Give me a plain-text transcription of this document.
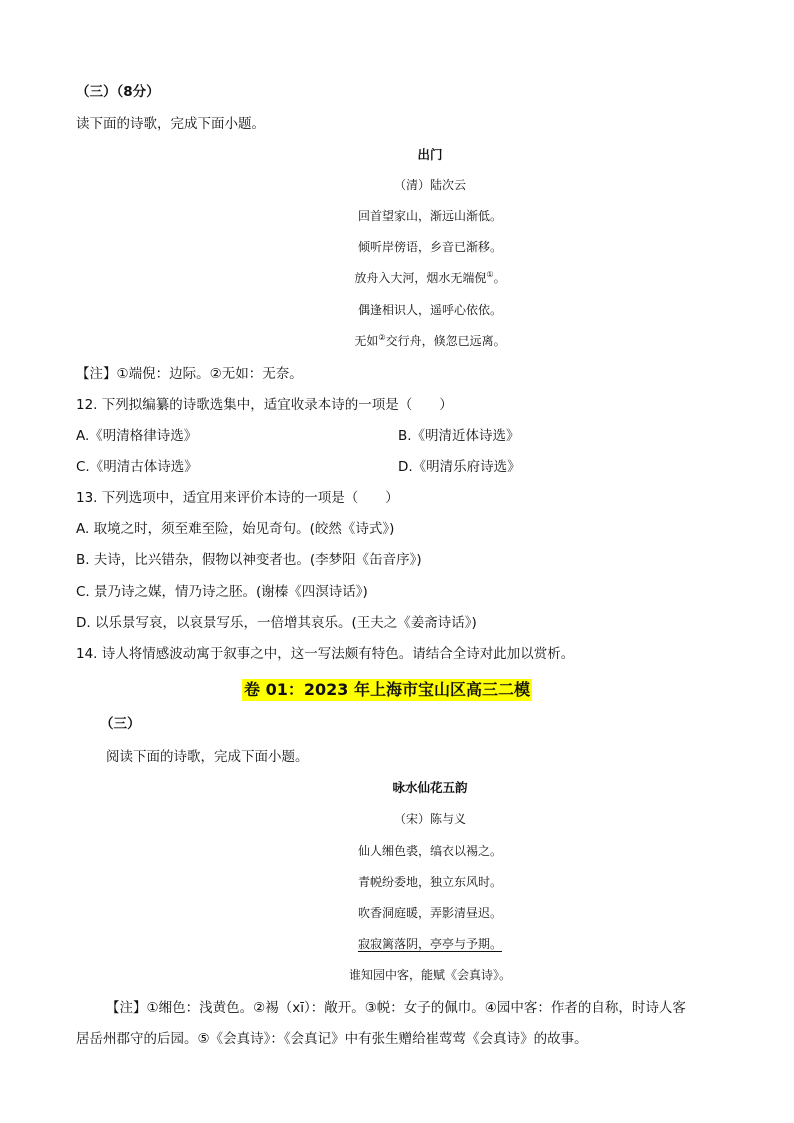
（三）（8分）
读下面的诗歌，完成下面小题。
出门
（清）陆次云
回首望家山，渐远山渐低。
倾听岸傍语，乡音已渐移。
放舟入大河，烟水无端倪①。
偶逢相识人，遥呼心依依。
无如②交行舟，倏忽已远离。
【注】①端倪：边际。②无如：无奈。
12. 下列拟编纂的诗歌选集中，适宜收录本诗的一项是（　　）
A.《明清格律诗选》	B.《明清近体诗选》
C.《明清古体诗选》	D.《明清乐府诗选》
13. 下列选项中，适宜用来评价本诗的一项是（　　）
A. 取境之时，须至难至险，始见奇句。(皎然《诗式》)
B. 夫诗，比兴错杂，假物以神变者也。(李梦阳《缶音序》)
C. 景乃诗之媒，情乃诗之胚。(谢榛《四溟诗话》)
D. 以乐景写哀，以哀景写乐，一倍增其哀乐。(王夫之《姜斋诗话》)
14. 诗人将情感波动寓于叙事之中，这一写法颇有特色。请结合全诗对此加以赏析。
卷 01：2023 年上海市宝山区高三二模
（三）
阅读下面的诗歌，完成下面小题。
咏水仙花五韵
（宋）陈与义
仙人缃色裘，缟衣以裼之。
青帨纷委地，独立东风时。
吹香洞庭暖，弄影清昼迟。
寂寂篱落阴，亭亭与予期。
谁知园中客，能赋《会真诗》。
【注】①缃色：浅黄色。②裼（xī）：敞开。③帨：女子的佩巾。④园中客：作者的自称，时诗人客
居岳州郡守的后园。⑤《会真诗》：《会真记》中有张生赠给崔莺莺《会真诗》的故事。
